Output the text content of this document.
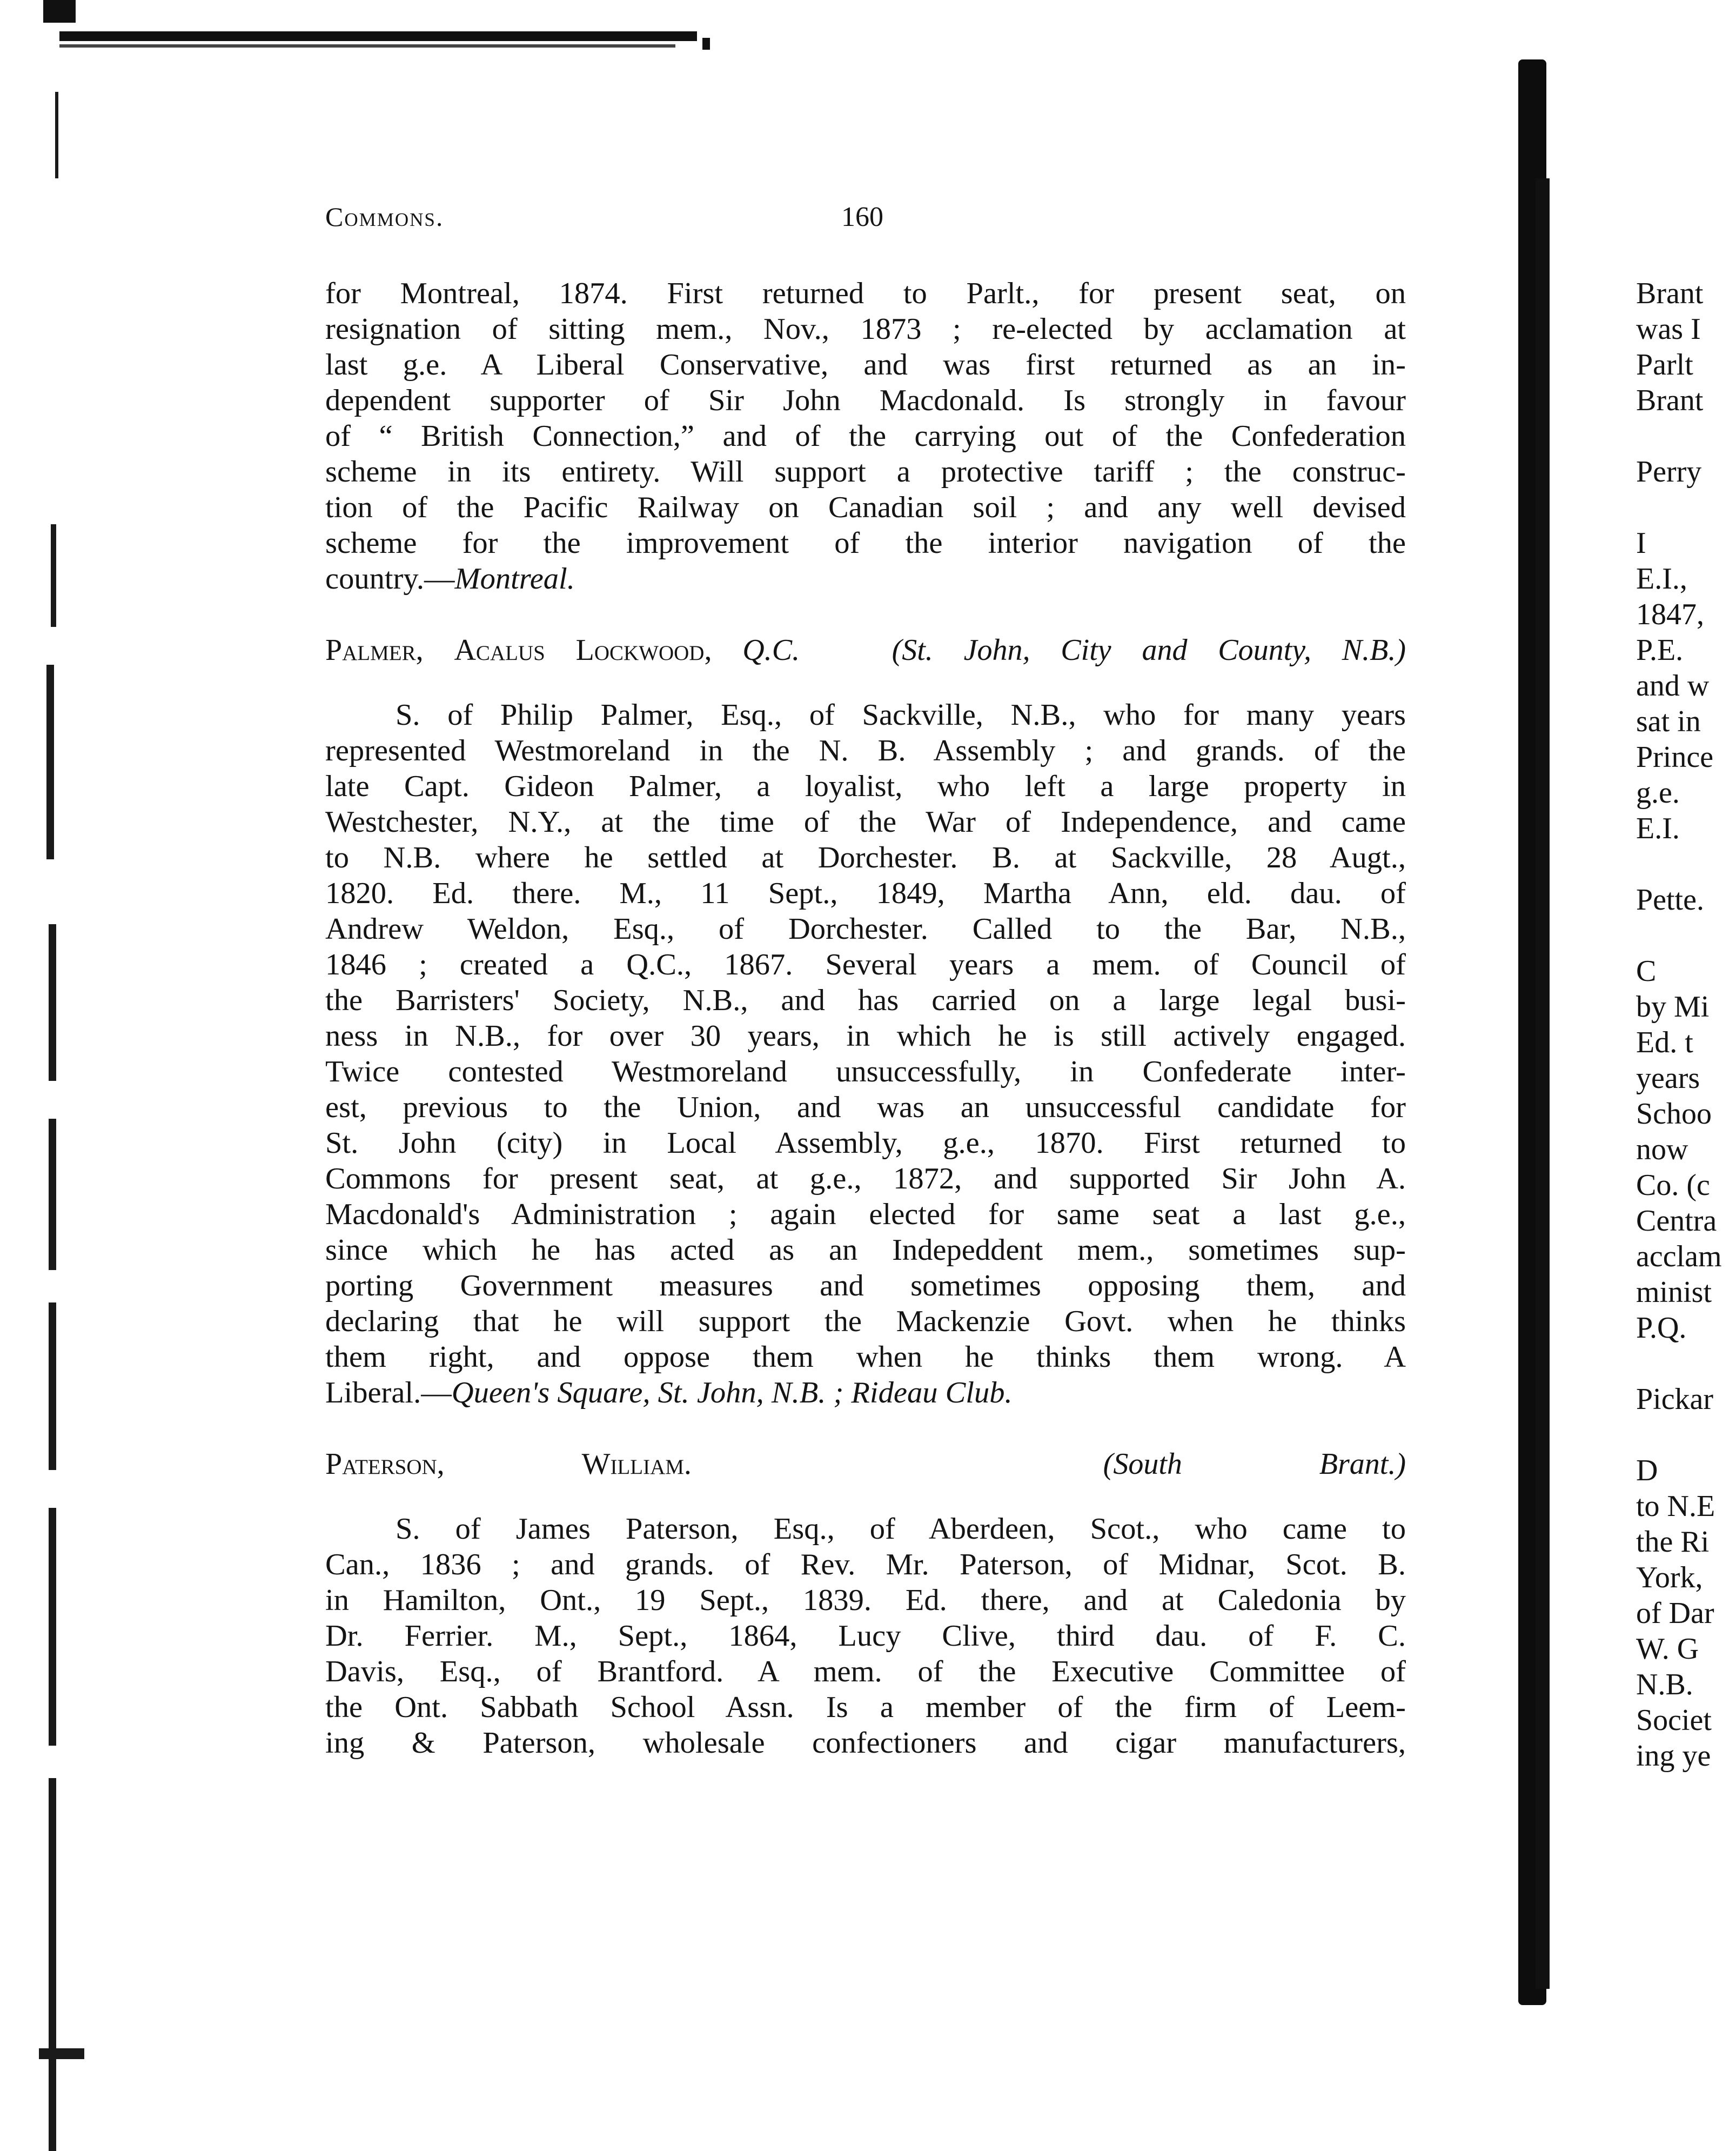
Commons.	160

for Montreal, 1874. First returned to Parlt., for present seat, on

resignation of sitting mem., Nov., 1873 ; re-elected by acclamation at

last g.e. A Liberal Conservative, and was first returned as an in-

dependent supporter of Sir John Macdonald. Is strongly in favour

of “ British Connection,” and of the carrying out of the Confederation

scheme in its entirety. Will support a protective tariff ; the construc-

tion of the Pacific Railway on Canadian soil ; and any well devised

scheme for the improvement of the interior navigation of the

country.—Montreal.

Palmer, Acalus Lockwood, Q.C.	(St. John, City and County, N.B.)

S. of Philip Palmer, Esq., of Sackville, N.B., who for many years

represented Westmoreland in the N. B. Assembly ; and grands. of the

late Capt. Gideon Palmer, a loyalist, who left a large property in

Westchester, N.Y., at the time of the War of Independence, and came

to N.B. where he settled at Dorchester. B. at Sackville, 28 Augt.,

1820. Ed. there. M., 11 Sept., 1849, Martha Ann, eld. dau. of

Andrew Weldon, Esq., of Dorchester. Called to the Bar, N.B.,

1846 ; created a Q.C., 1867. Several years a mem. of Council of

the Barristers' Society, N.B., and has carried on a large legal busi-

ness in N.B., for over 30 years, in which he is still actively engaged.

Twice contested Westmoreland unsuccessfully, in Confederate inter-

est, previous to the Union, and was an unsuccessful candidate for

St. John (city) in Local Assembly, g.e., 1870. First returned to

Commons for present seat, at g.e., 1872, and supported Sir John A.

Macdonald's Administration ; again elected for same seat a last g.e.,

since which he has acted as an Indepeddent mem., sometimes sup-

porting Government measures and sometimes opposing them, and

declaring that he will support the Mackenzie Govt. when he thinks

them right, and oppose them when he thinks them wrong. A

Liberal.—Queen's Square, St. John, N.B. ; Rideau Club.

Paterson,	William.	(South Brant.)

S. of James Paterson, Esq., of Aberdeen, Scot., who came to

Can., 1836 ; and grands. of Rev. Mr. Paterson, of Midnar, Scot. B.

in Hamilton, Ont., 19 Sept., 1839. Ed. there, and at Caledonia by

Dr. Ferrier. M., Sept., 1864, Lucy Clive, third dau. of F. C.

Davis, Esq., of Brantford. A mem. of the Executive Committee of

the Ont. Sabbath School Assn. Is a member of the firm of Leem-

ing & Paterson, wholesale confectioners and cigar manufacturers,

Brant
was I
Parlt
Brant
Perry
I
E.I.,
1847,
P.E.
and w
sat in
Prince
g.e.
E.I.
Pette.
C
by Mi
Ed. t
years
Schoo
now
Co. (c
Centra
acclam
minist
P.Q.
Pickar
D
to N.E
the Ri
York,
of Dar
W. G
N.B.
Societ
ing ye
